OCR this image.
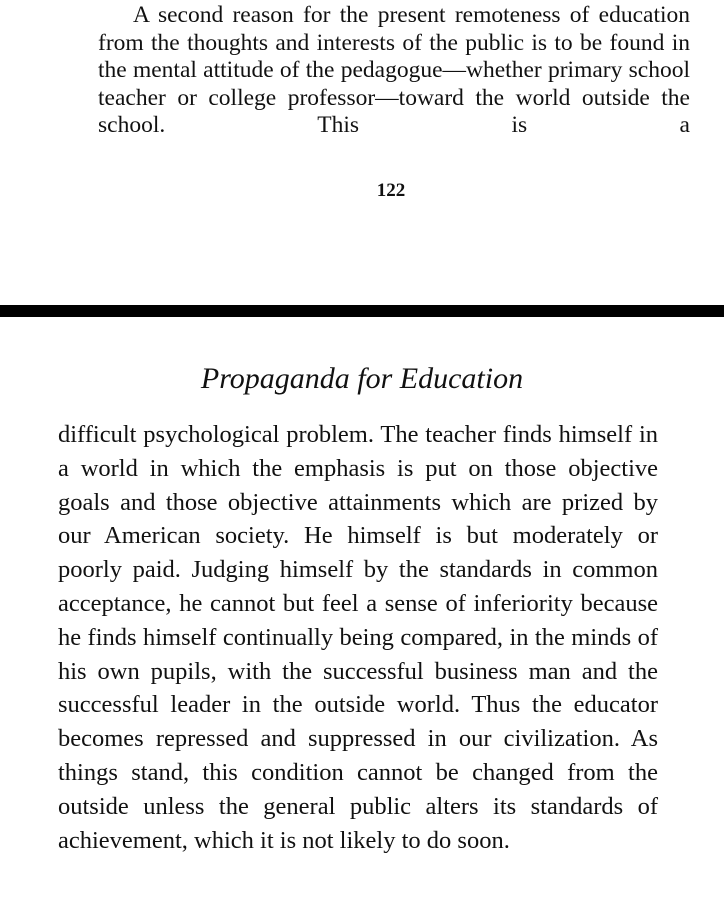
A second reason for the present remoteness of education from the thoughts and interests of the public is to be found in the mental attitude of the pedagogue—whether primary school teacher or college professor—toward the world outside the school. This is a

122
Propaganda for Education

difficult psychological problem. The teacher finds himself in a world in which the emphasis is put on those objective goals and those objective attainments which are prized by our American society. He himself is but moderately or poorly paid. Judging himself by the standards in common acceptance, he cannot but feel a sense of inferiority because he finds himself continually being compared, in the minds of his own pupils, with the successful business man and the successful leader in the outside world. Thus the educator becomes repressed and suppressed in our civilization. As things stand, this condition cannot be changed from the outside unless the general public alters its standards of achievement, which it is not likely to do soon.
